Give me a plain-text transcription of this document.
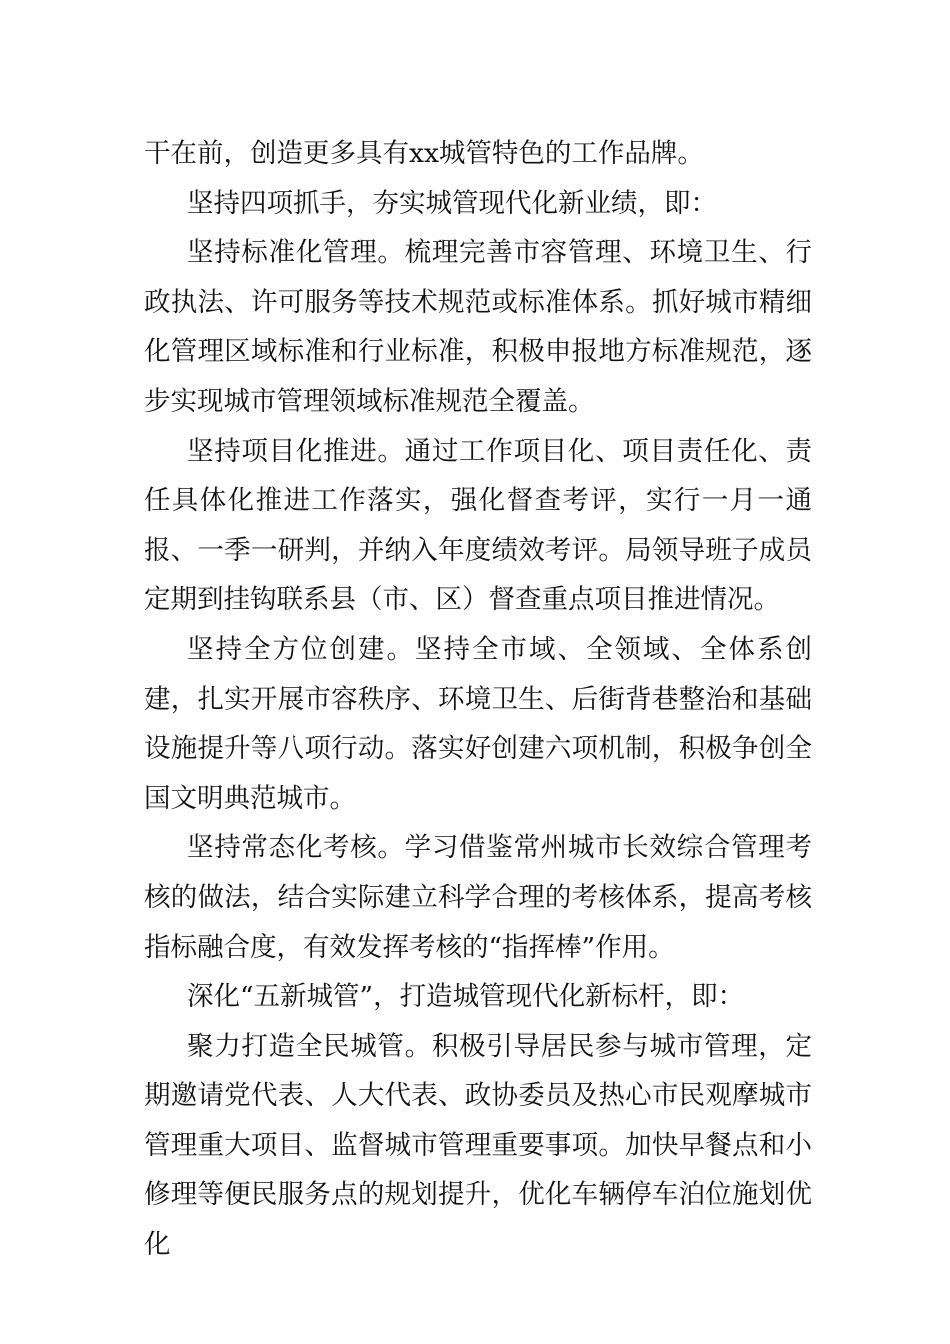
干在前，创造更多具有xx城管特色的工作品牌。

坚持四项抓手，夯实城管现代化新业绩，即：

坚持标准化管理。梳理完善市容管理、环境卫生、行政执法、许可服务等技术规范或标准体系。抓好城市精细化管理区域标准和行业标准，积极申报地方标准规范，逐步实现城市管理领域标准规范全覆盖。

坚持项目化推进。通过工作项目化、项目责任化、责任具体化推进工作落实，强化督查考评，实行一月一通报、一季一研判，并纳入年度绩效考评。局领导班子成员定期到挂钩联系县（市、区）督查重点项目推进情况。

坚持全方位创建。坚持全市域、全领域、全体系创建，扎实开展市容秩序、环境卫生、后街背巷整治和基础设施提升等八项行动。落实好创建六项机制，积极争创全国文明典范城市。

坚持常态化考核。学习借鉴常州城市长效综合管理考核的做法，结合实际建立科学合理的考核体系，提高考核指标融合度，有效发挥考核的“指挥棒”作用。

深化“五新城管”，打造城管现代化新标杆，即：

聚力打造全民城管。积极引导居民参与城市管理，定期邀请党代表、人大代表、政协委员及热心市民观摩城市管理重大项目、监督城市管理重要事项。加快早餐点和小修理等便民服务点的规划提升，优化车辆停车泊位施划优化
